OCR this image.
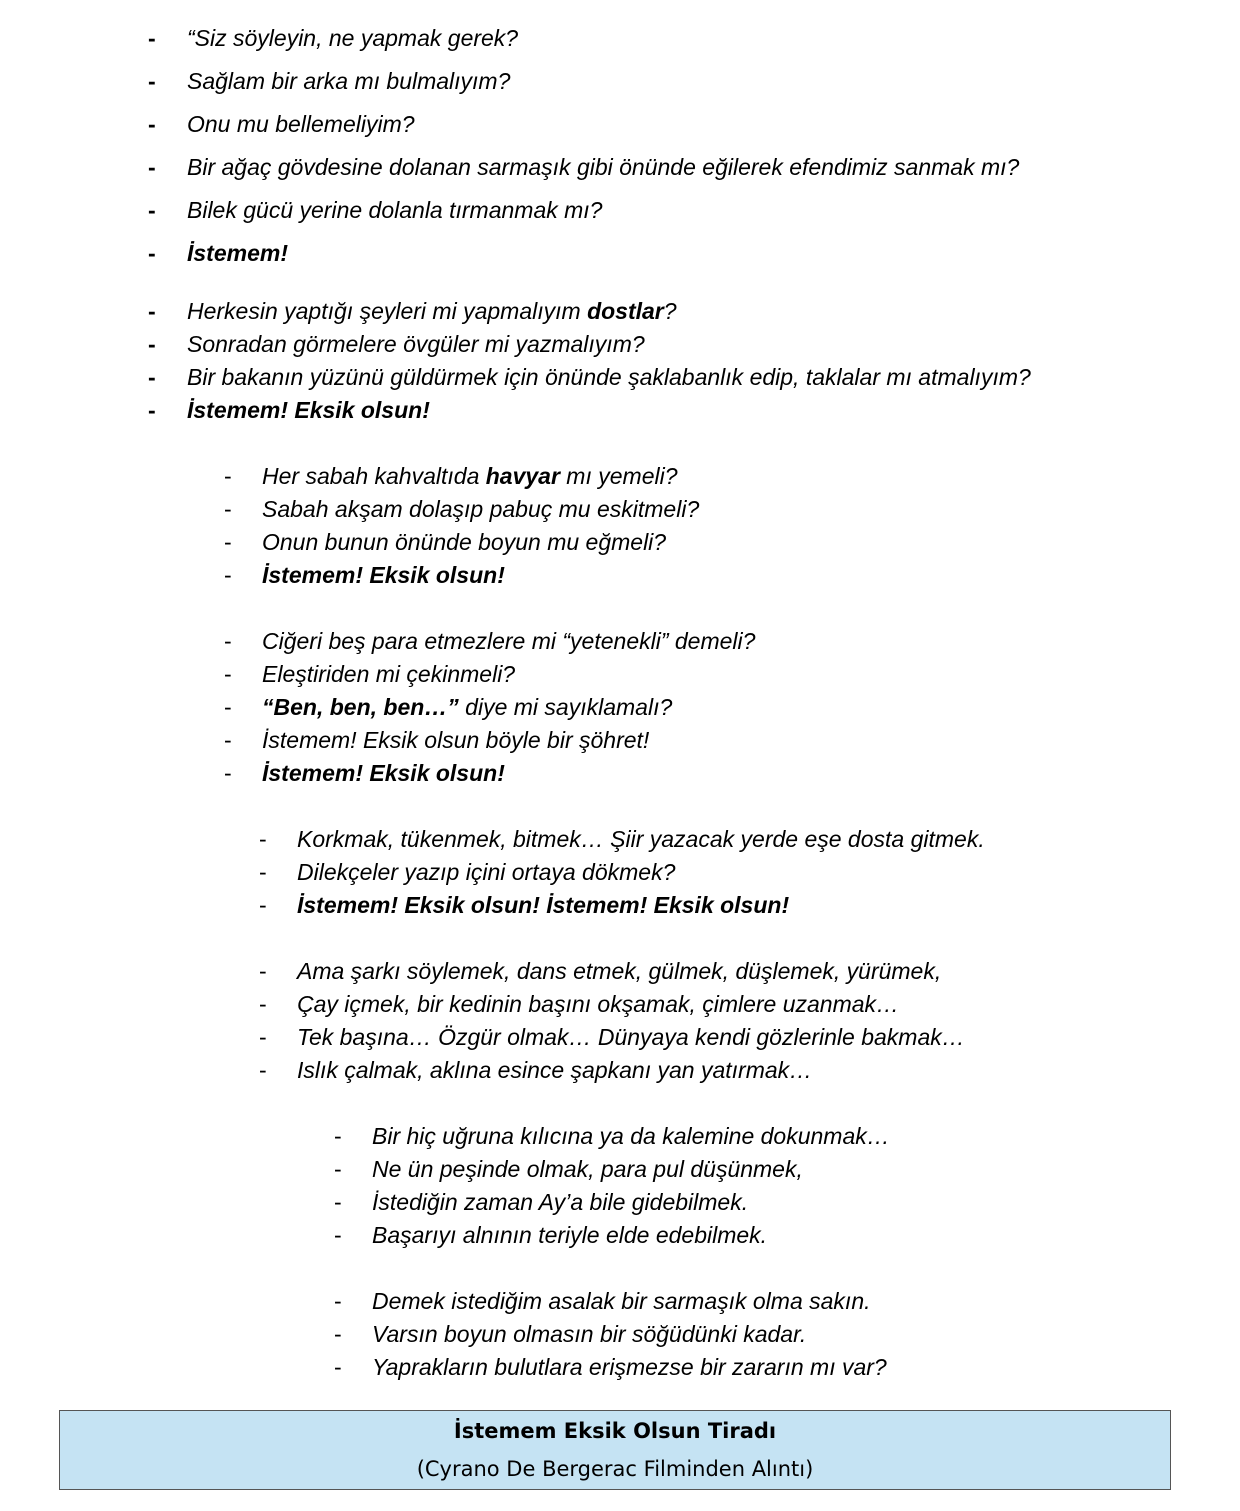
- “Siz söyleyin, ne yapmak gerek?
- Sağlam bir arka mı bulmalıyım?
- Onu mu bellemeliyim?
- Bir ağaç gövdesine dolanan sarmaşık gibi önünde eğilerek efendimiz sanmak mı?
- Bilek gücü yerine dolanla tırmanmak mı?
- İstemem!
- Herkesin yaptığı şeyleri mi yapmalıyım dostlar?
- Sonradan görmelere övgüler mi yazmalıyım?
- Bir bakanın yüzünü güldürmek için önünde şaklabanlık edip, taklalar mı atmalıyım?
- İstemem! Eksik olsun!
- Her sabah kahvaltıda havyar mı yemeli?
- Sabah akşam dolaşıp pabuç mu eskitmeli?
- Onun bunun önünde boyun mu eğmeli?
- İstemem! Eksik olsun!
- Ciğeri beş para etmezlere mi “yetenekli” demeli?
- Eleştiriden mi çekinmeli?
- “Ben, ben, ben…” diye mi sayıklamalı?
- İstemem! Eksik olsun böyle bir şöhret!
- İstemem! Eksik olsun!
- Korkmak, tükenmek, bitmek… Şiir yazacak yerde eşe dosta gitmek.
- Dilekçeler yazıp içini ortaya dökmek?
- İstemem! Eksik olsun! İstemem! Eksik olsun!
- Ama şarkı söylemek, dans etmek, gülmek, düşlemek, yürümek,
- Çay içmek, bir kedinin başını okşamak, çimlere uzanmak…
- Tek başına… Özgür olmak… Dünyaya kendi gözlerinle bakmak…
- Islık çalmak, aklına esince şapkanı yan yatırmak…
- Bir hiç uğruna kılıcına ya da kalemine dokunmak…
- Ne ün peşinde olmak, para pul düşünmek,
- İstediğin zaman Ay’a bile gidebilmek.
- Başarıyı alnının teriyle elde edebilmek.
- Demek istediğim asalak bir sarmaşık olma sakın.
- Varsın boyun olmasın bir söğüdünki kadar.
- Yaprakların bulutlara erişmezse bir zararın mı var?
İstemem Eksik Olsun Tiradı
(Cyrano De Bergerac Filminden Alıntı)
